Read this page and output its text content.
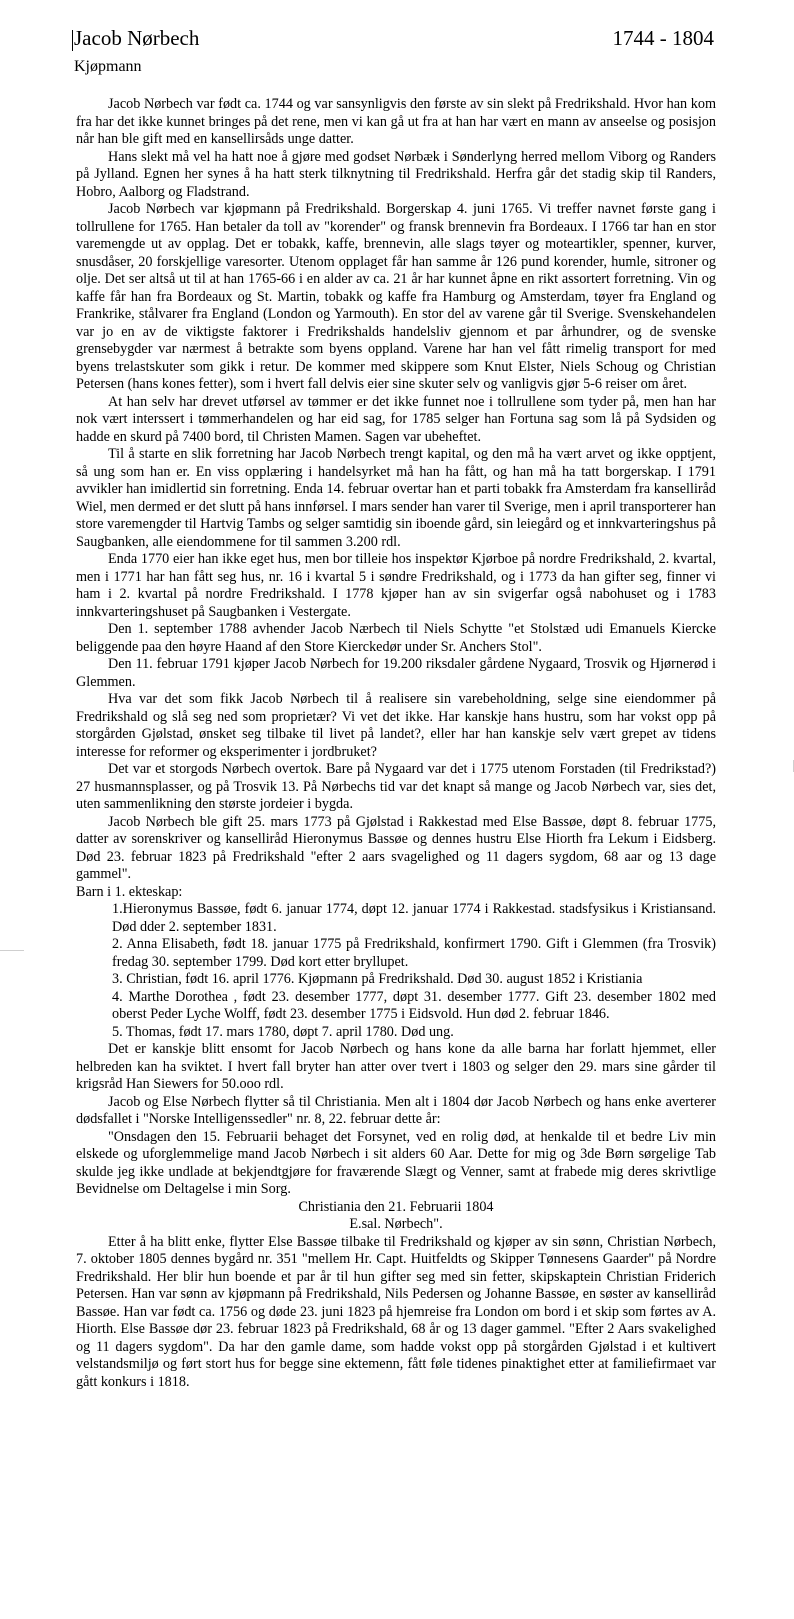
Jacob Nørbech	1744 - 1804
Kjøpmann

Jacob Nørbech var født ca. 1744 og var sansynligvis den første av sin slekt på Fredrikshald. Hvor han kom fra har det ikke kunnet bringes på det rene, men vi kan gå ut fra at han har vært en mann av anseelse og posisjon når han ble gift med en kansellirsåds unge datter.

Hans slekt må vel ha hatt noe å gjøre med godset Nørbæk i Sønderlyng herred mellom Viborg og Randers på Jylland. Egnen her synes å ha hatt sterk tilknytning til Fredrikshald. Herfra går det stadig skip til Randers, Hobro, Aalborg og Fladstrand.

Jacob Nørbech var kjøpmann på Fredrikshald. Borgerskap 4. juni 1765. Vi treffer navnet første gang i tollrullene for 1765. Han betaler da toll av "korender" og fransk brennevin fra Bordeaux. I 1766 tar han en stor varemengde ut av opplag. Det er tobakk, kaffe, brennevin, alle slags tøyer og moteartikler, spenner, kurver, snusdåser, 20 forskjellige varesorter. Utenom opplaget får han samme år 126 pund korender, humle, sitroner og olje. Det ser altså ut til at han 1765-66 i en alder av ca. 21 år har kunnet åpne en rikt assortert forretning. Vin og kaffe får han fra Bordeaux og St. Martin, tobakk og kaffe fra Hamburg og Amsterdam, tøyer fra England og Frankrike, stålvarer fra England (London og Yarmouth). En stor del av varene går til Sverige. Svenskehandelen var jo en av de viktigste faktorer i Fredrikshalds handelsliv gjennom et par århundrer, og de svenske grensebygder var nærmest å betrakte som byens oppland. Varene har han vel fått rimelig transport for med byens trelastskuter som gikk i retur. De kommer med skippere som Knut Elster, Niels Schoug og Christian Petersen (hans kones fetter), som i hvert fall delvis eier sine skuter selv og vanligvis gjør 5-6 reiser om året.

At han selv har drevet utførsel av tømmer er det ikke funnet noe i tollrullene som tyder på, men han har nok vært interssert i tømmerhandelen og har eid sag, for 1785 selger han Fortuna sag som lå på Sydsiden og hadde en skurd på 7400 bord, til Christen Mamen. Sagen var ubeheftet.

Til å starte en slik forretning har Jacob Nørbech trengt kapital, og den må ha vært arvet og ikke opptjent, så ung som han er. En viss opplæring i handelsyrket må han ha fått, og han må ha tatt borgerskap. I 1791 avvikler han imidlertid sin forretning. Enda 14. februar overtar han et parti tobakk fra Amsterdam fra kanselliråd Wiel, men dermed er det slutt på hans innførsel. I mars sender han varer til Sverige, men i april transporterer han store varemengder til Hartvig Tambs og selger samtidig sin iboende gård, sin leiegård og et innkvarteringshus på Saugbanken, alle eiendommene for til sammen 3.200 rdl.

Enda 1770 eier han ikke eget hus, men bor tilleie hos inspektør Kjørboe på nordre Fredrikshald, 2. kvartal, men i 1771 har han fått seg hus, nr. 16 i kvartal 5 i søndre Fredrikshald, og i 1773 da han gifter seg, finner vi ham i 2. kvartal på nordre Fredrikshald. I 1778 kjøper han av sin svigerfar også nabohuset og i 1783 innkvarteringshuset på Saugbanken i Vestergate.

Den 1. september 1788 avhender Jacob Nærbech til Niels Schytte "et Stolstæd udi Emanuels Kiercke beliggende paa den høyre Haand af den Store Kierckedør under Sr. Anchers Stol".

Den 11. februar 1791 kjøper Jacob Nørbech for 19.200 riksdaler gårdene Nygaard, Trosvik og Hjørnerød i Glemmen.

Hva var det som fikk Jacob Nørbech til å realisere sin varebeholdning, selge sine eiendommer på Fredrikshald og slå seg ned som proprietær? Vi vet det ikke. Har kanskje hans hustru, som har vokst opp på storgården Gjølstad, ønsket seg tilbake til livet på landet?, eller har han kanskje selv vært grepet av tidens interesse for reformer og eksperimenter i jordbruket?

Det var et storgods Nørbech overtok. Bare på Nygaard var det i 1775 utenom Forstaden (til Fredrikstad?) 27 husmannsplasser, og på Trosvik 13. På Nørbechs tid var det knapt så mange og Jacob Nørbech var, sies det, uten sammenlikning den største jordeier i bygda.

Jacob Nørbech ble gift 25. mars 1773 på Gjølstad i Rakkestad med Else Bassøe, døpt 8. februar 1775, datter av sorenskriver og kanselliråd Hieronymus Bassøe og dennes hustru Else Hiorth fra Lekum i Eidsberg. Død 23. februar 1823 på Fredrikshald "efter 2 aars svagelighed og 11 dagers sygdom, 68 aar og 13 dage gammel".

Barn i 1. ekteskap:

1.Hieronymus Bassøe, født 6. januar 1774, døpt 12. januar 1774 i Rakkestad. stadsfysikus i Kristiansand. Død dder 2. september 1831.

2. Anna Elisabeth, født 18. januar 1775 på Fredrikshald, konfirmert 1790. Gift i Glemmen (fra Trosvik) fredag 30. september 1799. Død kort etter bryllupet.

3. Christian, født 16. april 1776. Kjøpmann på Fredrikshald. Død 30. august 1852 i Kristiania

4. Marthe Dorothea , født 23. desember 1777, døpt 31. desember 1777. Gift 23. desember 1802 med oberst Peder Lyche Wolff, født 23. desember 1775 i Eidsvold. Hun død 2. februar 1846.

5. Thomas, født 17. mars 1780, døpt 7. april 1780. Død ung.

Det er kanskje blitt ensomt for Jacob Nørbech og hans kone da alle barna har forlatt hjemmet, eller helbreden kan ha sviktet. I hvert fall bryter han atter over tvert i 1803 og selger den 29. mars sine gårder til krigsråd Han Siewers for 50.ooo rdl.

Jacob og Else Nørbech flytter så til Christiania. Men alt i 1804 dør Jacob Nørbech og hans enke averterer dødsfallet i "Norske Intelligenssedler" nr. 8, 22. februar dette år:

"Onsdagen den 15. Februarii behaget det Forsynet, ved en rolig død, at henkalde til et bedre Liv min elskede og uforglemmelige mand Jacob Nørbech i sit alders 60 Aar. Dette for mig og 3de Børn sørgelige Tab skulde jeg ikke undlade at bekjendtgjøre for fraværende Slægt og Venner, samt at frabede mig deres skrivtlige Bevidnelse om Deltagelse i min Sorg.

Christiania den 21. Februarii 1804

E.sal. Nørbech".

Etter å ha blitt enke, flytter Else Bassøe tilbake til Fredrikshald og kjøper av sin sønn, Christian Nørbech, 7. oktober 1805 dennes bygård nr. 351 "mellem Hr. Capt. Huitfeldts og Skipper Tønnesens Gaarder" på Nordre Fredrikshald. Her blir hun boende et par år til hun gifter seg med sin fetter, skipskaptein Christian Friderich Petersen. Han var sønn av kjøpmann på Fredrikshald, Nils Pedersen og Johanne Bassøe, en søster av kanselliråd Bassøe. Han var født ca. 1756 og døde 23. juni 1823 på hjemreise fra London om bord i et skip som førtes av A. Hiorth. Else Bassøe dør 23. februar 1823 på Fredrikshald, 68 år og 13 dager gammel. "Efter 2 Aars svakelighed og 11 dagers sygdom". Da har den gamle dame, som hadde vokst opp på storgården Gjølstad i et kultivert velstandsmiljø og ført stort hus for begge sine ektemenn, fått føle tidenes pinaktighet etter at familiefirmaet var gått konkurs i 1818.
